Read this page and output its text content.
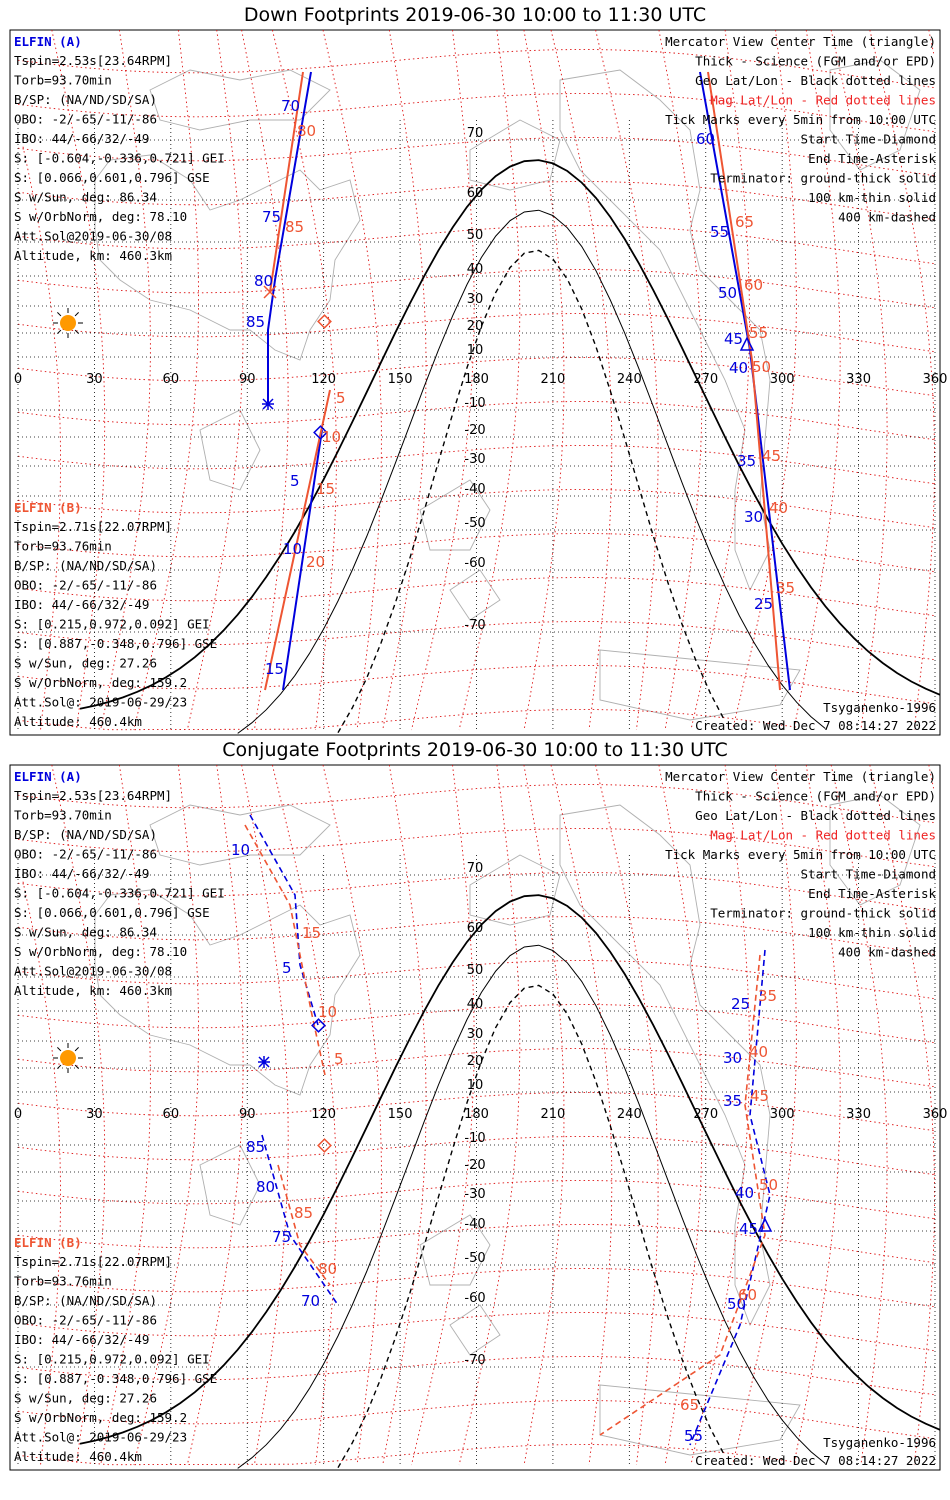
Down Footprints 2019-06-30 10:00 to 11:30 UTC
Conjugate Footprints 2019-06-30 10:00 to 11:30 UTC
0	30	60	90	120	150	180	210	240	270	300	330	360
70
60
50
40
30
20
10
-10
-20
-30
-40
-50
-60
-70
70
75
80
85
80
85
5
10
15
5
10
15
20
60
55
50
45
40
35
30
25
65
60
55
50
45
40
35
ELFIN (A)
Tspin=2.53s[23.64RPM]
Torb=93.70min
B/SP: (NA/ND/SD/SA)
OBO: -2/-65/-11/-86
IBO: 44/-66/32/-49
S: [-0.604,-0.336,0.721] GEI
S: [0.066,0.601,0.796] GSE
S w/Sun, deg: 86.34
S w/OrbNorm, deg: 78.10
Att.Sol@2019-06-30/08
Altitude, km: 460.3km
ELFIN (B)
Tspin=2.71s[22.07RPM]
Torb=93.76min
B/SP: (NA/ND/SD/SA)
OBO: -2/-65/-11/-86
IBO: 44/-66/32/-49
S: [0.215,0.972,0.092] GEI
S: [0.887,-0.348,0.796] GSE
S w/Sun, deg: 27.26
S w/OrbNorm, deg: 159.2
Att.Sol@: 2019-06-29/23
Altitude: 460.4km
Mercator View Center Time (triangle)
Thick - Science (FGM and/or EPD)
Geo Lat/Lon - Black dotted lines
Mag Lat/Lon - Red dotted lines
Tick Marks every 5min from 10:00 UTC
Start Time-Diamond
End Time-Asterisk
Terminator: ground-thick solid
100 km-thin solid
400 km-dashed
Tsyganenko-1996
Created: Wed Dec 7 08:14:27 2022
0	30	60	90	120	150	180	210	240	270	300	330	360
70
60
50
40
30
20
10
-10
-20
-30
-40
-50
-60
-70
10
5
15
10
5
85
80
75
70
85
80
25
30
35
40
45
50
55
35
40
45
50
60
65
ELFIN (A)
Tspin=2.53s[23.64RPM]
Torb=93.70min
B/SP: (NA/ND/SD/SA)
OBO: -2/-65/-11/-86
IBO: 44/-66/32/-49
S: [-0.604,-0.336,0.721] GEI
S: [0.066,0.601,0.796] GSE
S w/Sun, deg: 86.34
S w/OrbNorm, deg: 78.10
Att.Sol@2019-06-30/08
Altitude, km: 460.3km
ELFIN (B)
Tspin=2.71s[22.07RPM]
Torb=93.76min
B/SP: (NA/ND/SD/SA)
OBO: -2/-65/-11/-86
IBO: 44/-66/32/-49
S: [0.215,0.972,0.092] GEI
S: [0.887,-0.348,0.796] GSE
S w/Sun, deg: 27.26
S w/OrbNorm, deg: 159.2
Att.Sol@: 2019-06-29/23
Altitude: 460.4km
Mercator View Center Time (triangle)
Thick - Science (FGM and/or EPD)
Geo Lat/Lon - Black dotted lines
Mag Lat/Lon - Red dotted lines
Tick Marks every 5min from 10:00 UTC
Start Time-Diamond
End Time-Asterisk
Terminator: ground-thick solid
100 km-thin solid
400 km-dashed
Tsyganenko-1996
Created: Wed Dec 7 08:14:27 2022
